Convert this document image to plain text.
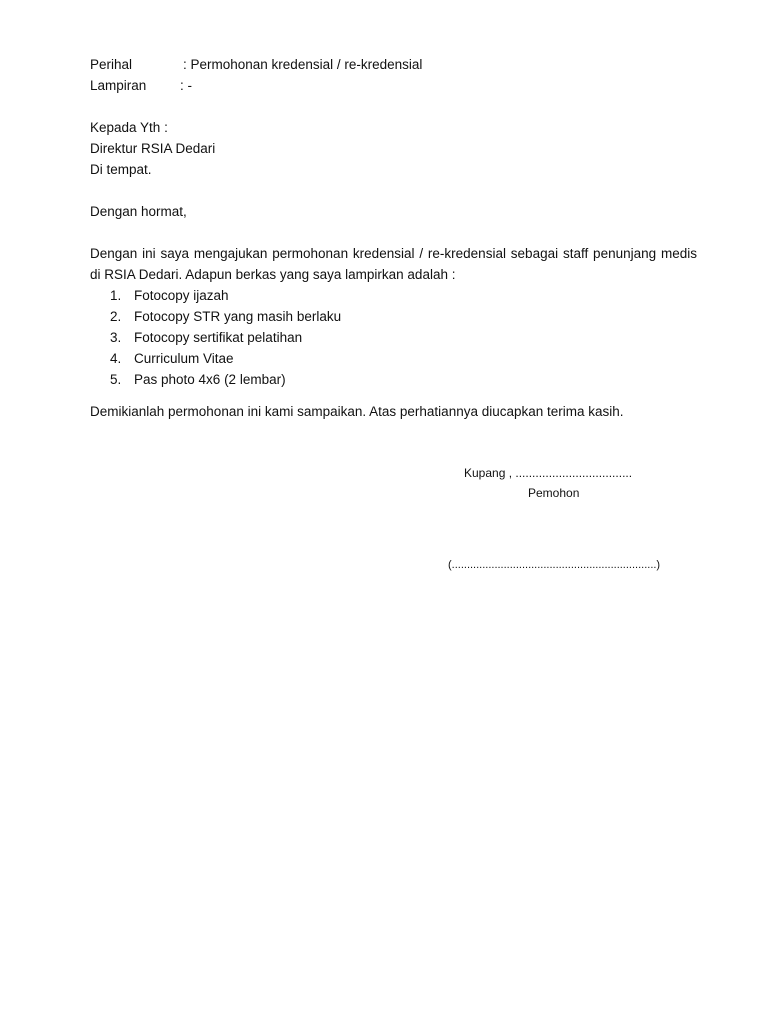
Perihal	: Permohonan kredensial / re-kredensial
Lampiran : -
Kepada Yth :
Direktur RSIA Dedari
Di tempat.
Dengan hormat,
Dengan ini saya mengajukan permohonan kredensial / re-kredensial sebagai staff penunjang medis di RSIA Dedari. Adapun berkas yang saya lampirkan adalah :
1. Fotocopy ijazah
2. Fotocopy STR yang masih berlaku
3. Fotocopy sertifikat pelatihan
4. Curriculum Vitae
5. Pas photo 4x6 (2 lembar)
Demikianlah permohonan ini kami sampaikan. Atas perhatiannya diucapkan terima kasih.
Kupang , ...................................
Pemohon
(...................................................................)
